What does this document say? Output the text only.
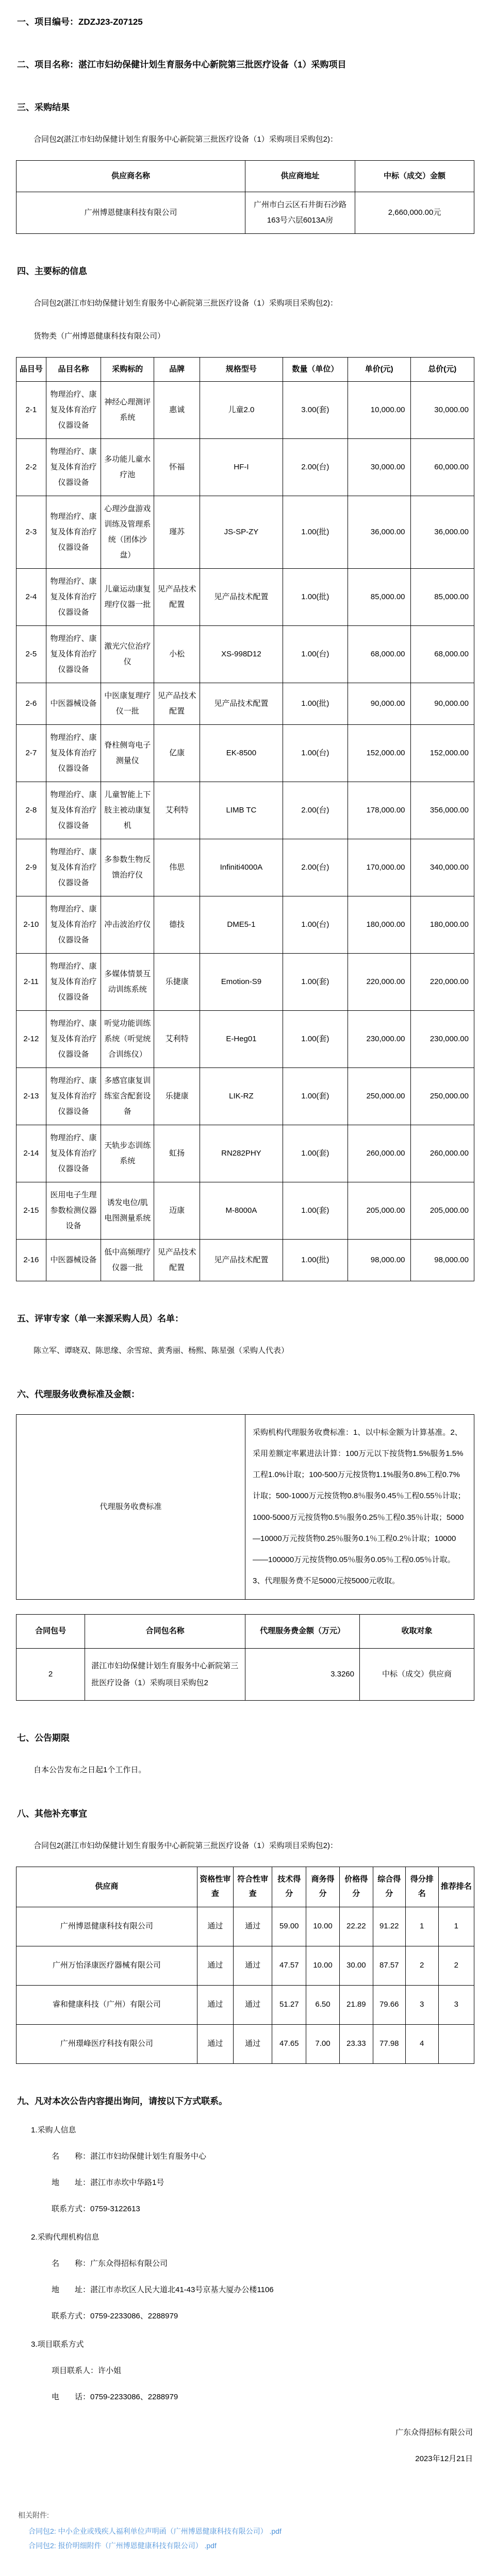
一、项目编号：ZDZJ23-Z07125
二、项目名称：湛江市妇幼保健计划生育服务中心新院第三批医疗设备（1）采购项目
三、采购结果
合同包2(湛江市妇幼保健计划生育服务中心新院第三批医疗设备（1）采购项目采购包2)：
供应商名称	供应商地址	中标（成交）金额
广州博恩健康科技有限公司	广州市白云区石井街石沙路163号六层6013A房	2,660,000.00元
四、主要标的信息
合同包2(湛江市妇幼保健计划生育服务中心新院第三批医疗设备（1）采购项目采购包2)：
货物类（广州博恩健康科技有限公司）
品目号	品目名称	采购标的	品牌	规格型号	数量（单位）	单价(元)	总价(元)
2-1	物理治疗、康复及体育治疗仪器设备	神经心理测评系统	惠诚	儿童2.0	3.00(套)	10,000.00	30,000.00
2-2	物理治疗、康复及体育治疗仪器设备	多功能儿童水疗池	怀福	HF-I	2.00(台)	30,000.00	60,000.00
2-3	物理治疗、康复及体育治疗仪器设备	心理沙盘游戏训练及管理系统（团体沙盘）	瑾苏	JS-SP-ZY	1.00(批)	36,000.00	36,000.00
2-4	物理治疗、康复及体育治疗仪器设备	儿童运动康复理疗仪器一批	见产品技术配置	见产品技术配置	1.00(批)	85,000.00	85,000.00
2-5	物理治疗、康复及体育治疗仪器设备	激光穴位治疗仪	小松	XS-998D12	1.00(台)	68,000.00	68,000.00
2-6	中医器械设备	中医康复理疗仪一批	见产品技术配置	见产品技术配置	1.00(批)	90,000.00	90,000.00
2-7	物理治疗、康复及体育治疗仪器设备	脊柱侧弯电子测量仪	亿康	EK-8500	1.00(台)	152,000.00	152,000.00
2-8	物理治疗、康复及体育治疗仪器设备	儿童智能上下肢主被动康复机	艾利特	LIMB TC	2.00(台)	178,000.00	356,000.00
2-9	物理治疗、康复及体育治疗仪器设备	多参数生物反馈治疗仪	伟思	Infiniti4000A	2.00(台)	170,000.00	340,000.00
2-10	物理治疗、康复及体育治疗仪器设备	冲击波治疗仪	德技	DME5-1	1.00(台)	180,000.00	180,000.00
2-11	物理治疗、康复及体育治疗仪器设备	多媒体情景互动训练系统	乐捷康	Emotion-S9	1.00(套)	220,000.00	220,000.00
2-12	物理治疗、康复及体育治疗仪器设备	听觉功能训练系统（听觉统合训练仪）	艾利特	E-Heg01	1.00(套)	230,000.00	230,000.00
2-13	物理治疗、康复及体育治疗仪器设备	多感官康复训练室含配套设备	乐捷康	LIK-RZ	1.00(套)	250,000.00	250,000.00
2-14	物理治疗、康复及体育治疗仪器设备	天轨步态训练系统	虹扬	RN282PHY	1.00(套)	260,000.00	260,000.00
2-15	医用电子生理参数检测仪器设备	诱发电位/肌电图测量系统	迈康	M-8000A	1.00(套)	205,000.00	205,000.00
2-16	中医器械设备	低中高频理疗仪器一批	见产品技术配置	见产品技术配置	1.00(批)	98,000.00	98,000.00
五、评审专家（单一来源采购人员）名单：
陈立军、谭晓双、陈思缘、余雪琼、黄秀丽、杨熙、陈星强（采购人代表）
六、代理服务收费标准及金额：
代理服务收费标准	采购机构代理服务收费标准：1、以中标金额为计算基准。2、采用差额定率累进法计算：100万元以下按货物1.5%服务1.5%工程1.0%计取；100-500万元按货物1.1%服务0.8%工程0.7%计取；500-1000万元按货物0.8％服务0.45％工程0.55％计取；1000-5000万元按货物0.5％服务0.25％工程0.35％计取；5000—10000万元按货物0.25％服务0.1％工程0.2％计取；10000——100000万元按货物0.05％服务0.05％工程0.05％计取。3、代理服务费不足5000元按5000元收取。
合同包号	合同包名称	代理服务费金额（万元）	收取对象
2	湛江市妇幼保健计划生育服务中心新院第三批医疗设备（1）采购项目采购包2	3.3260	中标（成交）供应商
七、公告期限
自本公告发布之日起1个工作日。
八、其他补充事宜
合同包2(湛江市妇幼保健计划生育服务中心新院第三批医疗设备（1）采购项目采购包2)：
供应商	资格性审查	符合性审查	技术得分	商务得分	价格得分	综合得分	得分排名	推荐排名
广州博恩健康科技有限公司	通过	通过	59.00	10.00	22.22	91.22	1	1
广州万怡泽康医疗器械有限公司	通过	通过	47.57	10.00	30.00	87.57	2	2
睿和健康科技（广州）有限公司	通过	通过	51.27	6.50	21.89	79.66	3	3
广州璟峰医疗科技有限公司	通过	通过	47.65	7.00	23.33	77.98	4	
九、凡对本次公告内容提出询问，请按以下方式联系。
1.采购人信息
名　　称：湛江市妇幼保健计划生育服务中心
地　　址：湛江市赤坎中华路1号
联系方式：0759-3122613
2.采购代理机构信息
名　　称：广东众得招标有限公司
地　　址：湛江市赤坎区人民大道北41-43号京基大厦办公楼1106
联系方式：0759-2233086、2288979
3.项目联系方式
项目联系人：许小姐
电　　话：0759-2233086、2288979
广东众得招标有限公司
2023年12月21日
相关附件:
合同包2: 中小企业或残疾人福利单位声明函（广州博恩健康科技有限公司） .pdf
合同包2: 报价明细附件（广州博恩健康科技有限公司） .pdf
